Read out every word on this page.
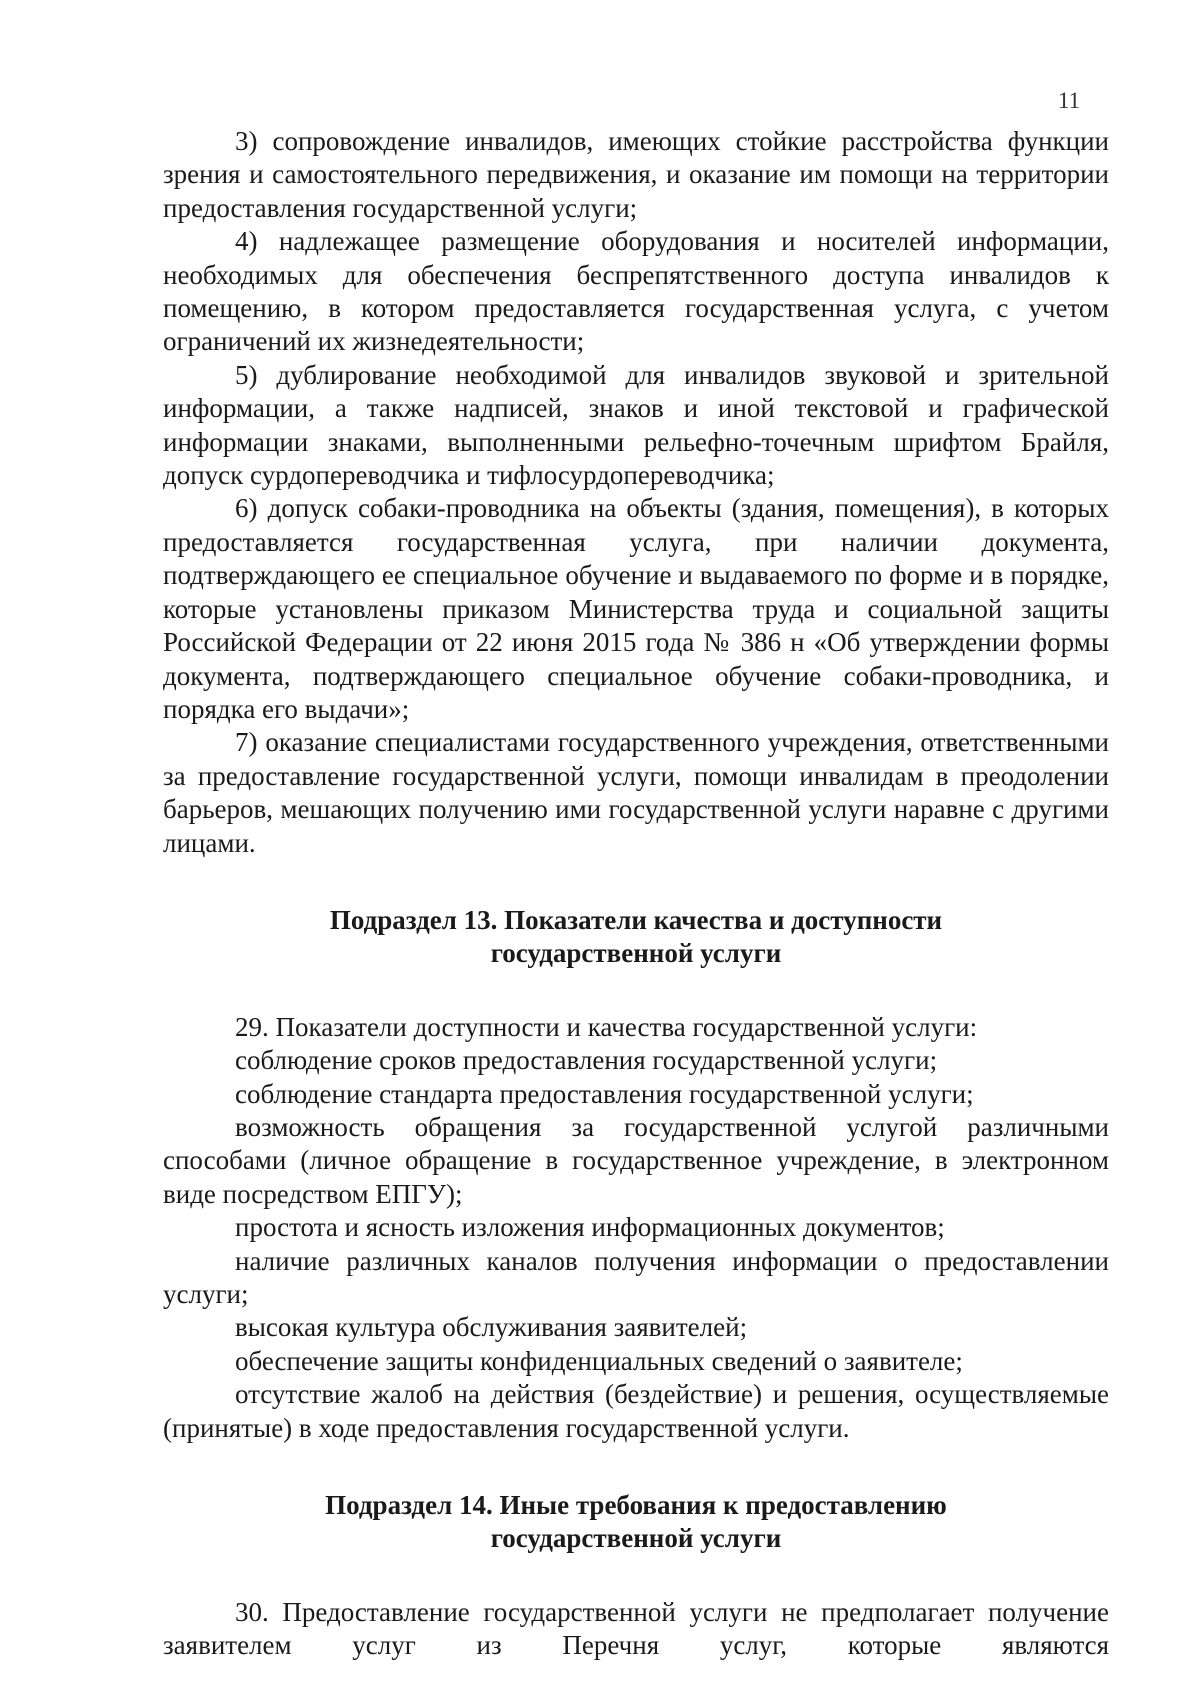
11

3) сопровождение инвалидов, имеющих стойкие расстройства функции зрения и самостоятельного передвижения, и оказание им помощи на территории предоставления государственной услуги;

4) надлежащее размещение оборудования и носителей информации, необходимых для обеспечения беспрепятственного доступа инвалидов к помещению, в котором предоставляется государственная услуга, с учетом ограничений их жизнедеятельности;

5) дублирование необходимой для инвалидов звуковой и зрительной информации, а также надписей, знаков и иной текстовой и графической информации знаками, выполненными рельефно-точечным шрифтом Брайля, допуск сурдопереводчика и тифлосурдопереводчика;

6) допуск собаки-проводника на объекты (здания, помещения), в которых предоставляется государственная услуга, при наличии документа, подтверждающего ее специальное обучение и выдаваемого по форме и в порядке, которые установлены приказом Министерства труда и социальной защиты Российской Федерации от 22 июня 2015 года № 386 н «Об утверждении формы документа, подтверждающего специальное обучение собаки-проводника, и порядка его выдачи»;

7) оказание специалистами государственного учреждения, ответственными за предоставление государственной услуги, помощи инвалидам в преодолении барьеров, мешающих получению ими государственной услуги наравне с другими лицами.

Подраздел 13. Показатели качества и доступности
государственной услуги

29. Показатели доступности и качества государственной услуги:

соблюдение сроков предоставления государственной услуги;

соблюдение стандарта предоставления государственной услуги;

возможность обращения за государственной услугой различными способами (личное обращение в государственное учреждение, в электронном виде посредством ЕПГУ);

простота и ясность изложения информационных документов;

наличие различных каналов получения информации о предоставлении услуги;

высокая культура обслуживания заявителей;

обеспечение защиты конфиденциальных сведений о заявителе;

отсутствие жалоб на действия (бездействие) и решения, осуществляемые (принятые) в ходе предоставления государственной услуги.

Подраздел 14. Иные требования к предоставлению
государственной услуги

30. Предоставление государственной услуги не предполагает получение заявителем услуг из Перечня услуг, которые являются
